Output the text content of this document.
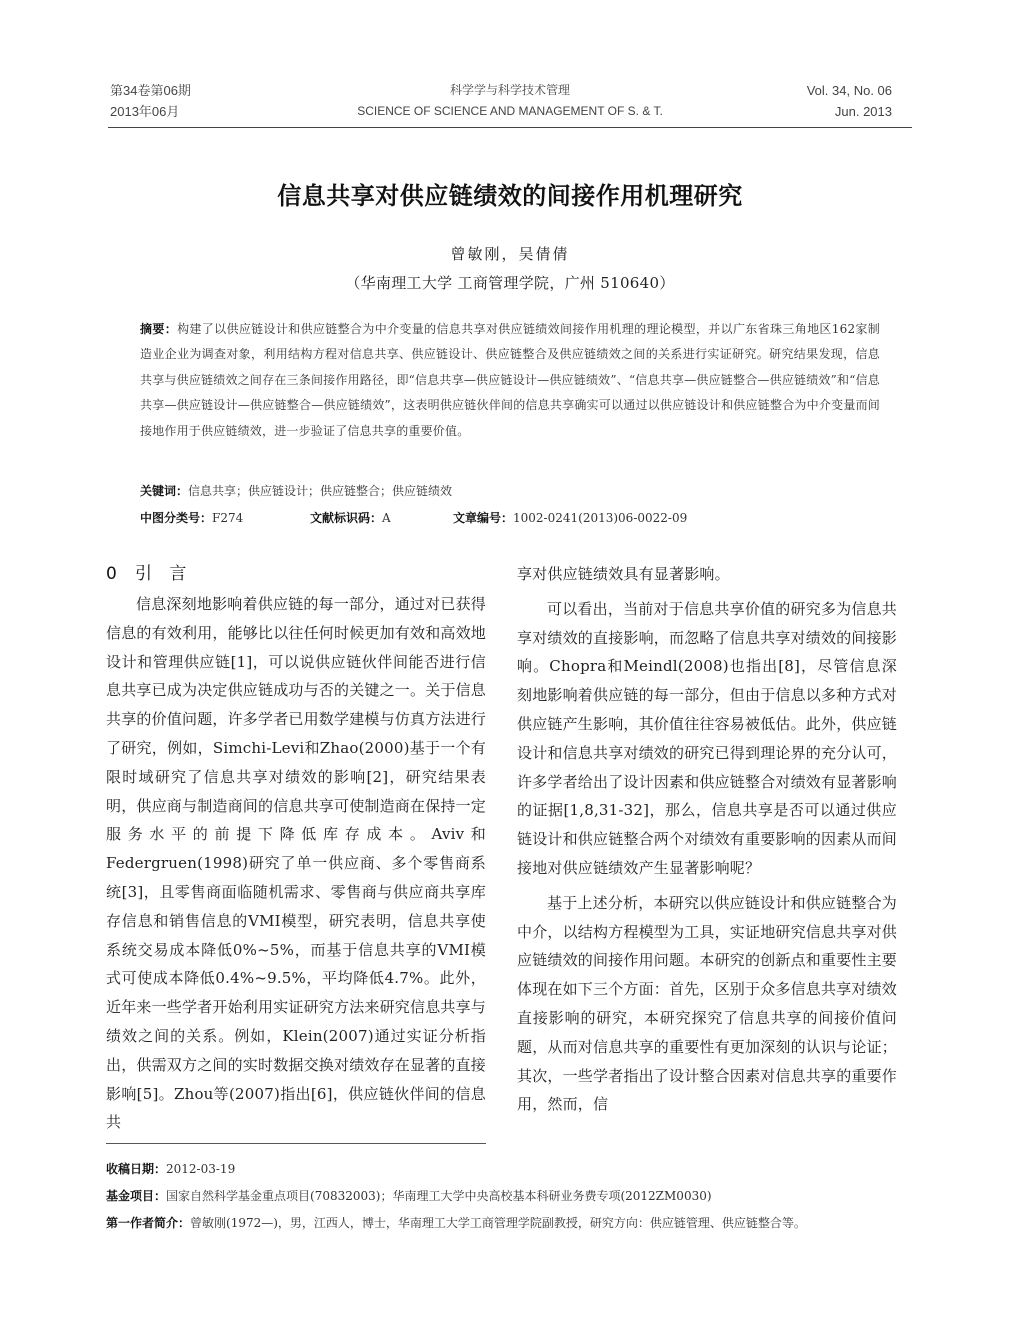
第34卷第06期
2013年06月
科学学与科学技术管理
SCIENCE OF SCIENCE AND MANAGEMENT OF S. & T.
Vol. 34, No. 06
Jun. 2013
信息共享对供应链绩效的间接作用机理研究
曾敏刚，吴倩倩
（华南理工大学 工商管理学院，广州 510640）
摘要：构建了以供应链设计和供应链整合为中介变量的信息共享对供应链绩效间接作用机理的理论模型，并以广东省珠三角地区162家制造业企业为调查对象，利用结构方程对信息共享、供应链设计、供应链整合及供应链绩效之间的关系进行实证研究。研究结果发现，信息共享与供应链绩效之间存在三条间接作用路径，即“信息共享—供应链设计—供应链绩效”、“信息共享—供应链整合—供应链绩效”和“信息共享—供应链设计—供应链整合—供应链绩效”，这表明供应链伙伴间的信息共享确实可以通过以供应链设计和供应链整合为中介变量而间接地作用于供应链绩效，进一步验证了信息共享的重要价值。
关键词：信息共享；供应链设计；供应链整合；供应链绩效
中图分类号：F274	文献标识码：A	文章编号：1002-0241(2013)06-0022-09
0 引　言

信息深刻地影响着供应链的每一部分，通过对已获得信息的有效利用，能够比以往任何时候更加有效和高效地设计和管理供应链[1]，可以说供应链伙伴间能否进行信息共享已成为决定供应链成功与否的关键之一。关于信息共享的价值问题，许多学者已用数学建模与仿真方法进行了研究，例如，Simchi-Levi和Zhao(2000)基于一个有限时域研究了信息共享对绩效的影响[2]，研究结果表明，供应商与制造商间的信息共享可使制造商在保持一定服务水平的前提下降低库存成本。Aviv和Federgruen(1998)研究了单一供应商、多个零售商系统[3]，且零售商面临随机需求、零售商与供应商共享库存信息和销售信息的VMI模型，研究表明，信息共享使系统交易成本降低0%~5%，而基于信息共享的VMI模式可使成本降低0.4%~9.5%，平均降低4.7%。此外，近年来一些学者开始利用实证研究方法来研究信息共享与绩效之间的关系。例如，Klein(2007)通过实证分析指出，供需双方之间的实时数据交换对绩效存在显著的直接影响[5]。Zhou等(2007)指出[6]，供应链伙伴间的信息共

享对供应链绩效具有显著影响。

可以看出，当前对于信息共享价值的研究多为信息共享对绩效的直接影响，而忽略了信息共享对绩效的间接影响。Chopra和Meindl(2008)也指出[8]，尽管信息深刻地影响着供应链的每一部分，但由于信息以多种方式对供应链产生影响，其价值往往容易被低估。此外，供应链设计和信息共享对绩效的研究已得到理论界的充分认可，许多学者给出了设计因素和供应链整合对绩效有显著影响的证据[1,8,31-32]，那么，信息共享是否可以通过供应链设计和供应链整合两个对绩效有重要影响的因素从而间接地对供应链绩效产生显著影响呢？

基于上述分析，本研究以供应链设计和供应链整合为中介，以结构方程模型为工具，实证地研究信息共享对供应链绩效的间接作用问题。本研究的创新点和重要性主要体现在如下三个方面：首先，区别于众多信息共享对绩效直接影响的研究，本研究探究了信息共享的间接价值问题，从而对信息共享的重要性有更加深刻的认识与论证；其次，一些学者指出了设计整合因素对信息共享的重要作用，然而，信

收稿日期：2012-03-19
基金项目：国家自然科学基金重点项目(70832003)；华南理工大学中央高校基本科研业务费专项(2012ZM0030)
第一作者简介：曾敏刚(1972—)，男，江西人，博士，华南理工大学工商管理学院副教授，研究方向：供应链管理、供应链整合等。
